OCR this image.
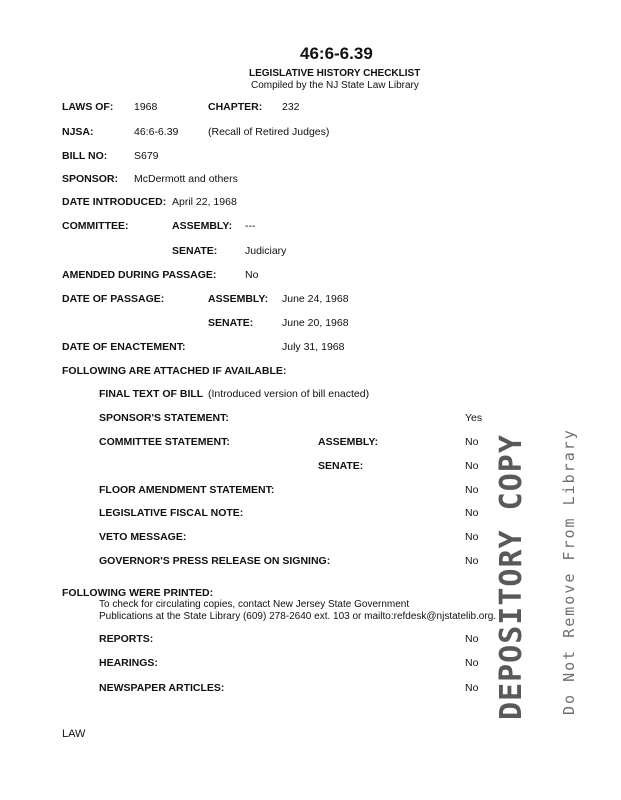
46:6-6.39
LEGISLATIVE HISTORY CHECKLIST
Compiled by the NJ State Law Library
LAWS OF: 1968	CHAPTER: 232
NJSA:	46:6-6.39	(Recall of Retired Judges)
BILL NO:	S679
SPONSOR: McDermott and others
DATE INTRODUCED: April 22, 1968
COMMITTEE:	ASSEMBLY: ---
SENATE:	Judiciary
AMENDED DURING PASSAGE:	No
DATE OF PASSAGE:	ASSEMBLY: June 24, 1968
SENATE:	June 20, 1968
DATE OF ENACTEMENT:	July 31, 1968
FOLLOWING ARE ATTACHED IF AVAILABLE:
FINAL TEXT OF BILL (Introduced version of bill enacted)
SPONSOR'S STATEMENT:	Yes
COMMITTEE STATEMENT:	ASSEMBLY:	No
SENATE:	No
FLOOR AMENDMENT STATEMENT:	No
LEGISLATIVE FISCAL NOTE:	No
VETO MESSAGE:	No
GOVERNOR'S PRESS RELEASE ON SIGNING:	No
FOLLOWING WERE PRINTED:
To check for circulating copies, contact New Jersey State Government
Publications at the State Library (609) 278-2640 ext. 103 or mailto:refdesk@njstatelib.org.
REPORTS:	No
HEARINGS:	No
NEWSPAPER ARTICLES:	No DEPOSITORY COPY Do Not Remove From Library
LAW
